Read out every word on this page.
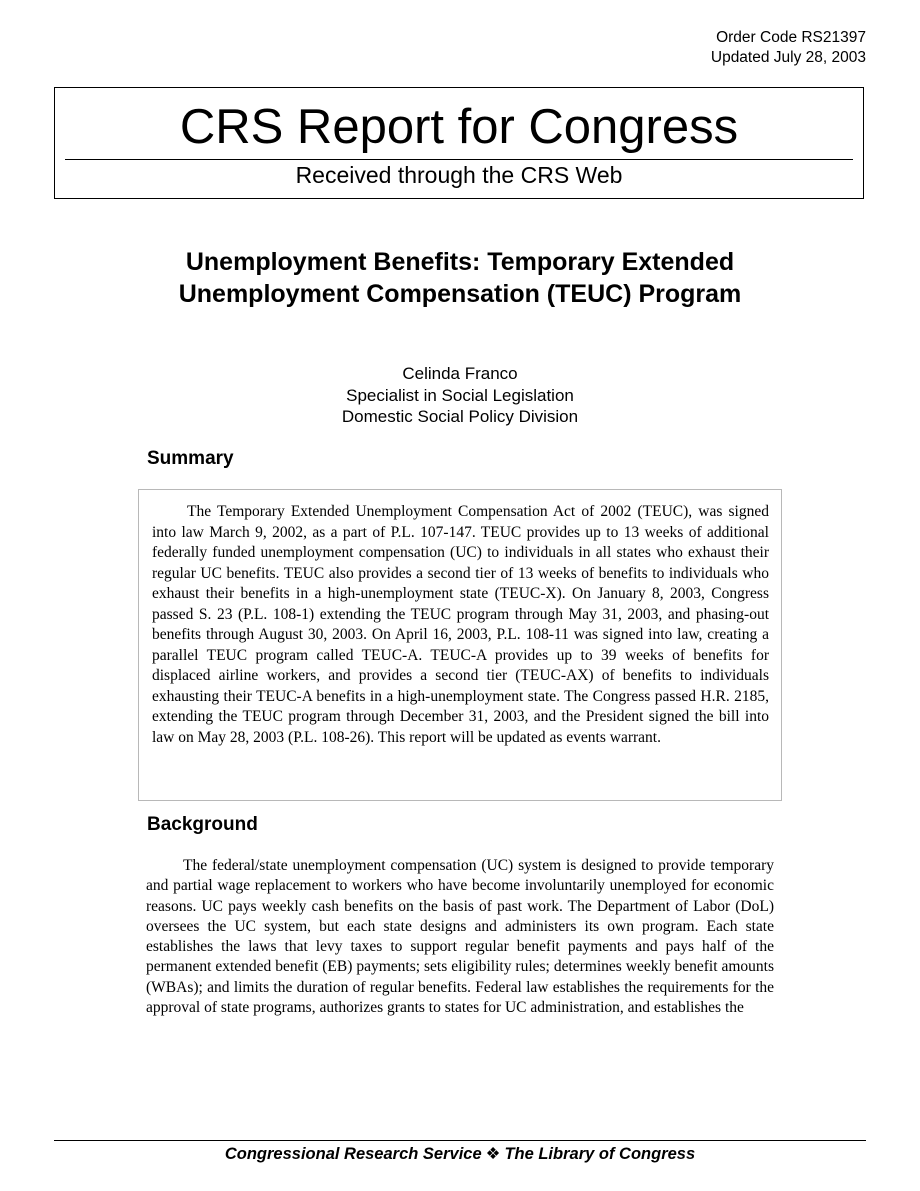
Order Code RS21397
Updated July 28, 2003
CRS Report for Congress
Received through the CRS Web
Unemployment Benefits: Temporary Extended Unemployment Compensation (TEUC) Program
Celinda Franco
Specialist in Social Legislation
Domestic Social Policy Division
Summary

The Temporary Extended Unemployment Compensation Act of 2002 (TEUC), was signed into law March 9, 2002, as a part of P.L. 107-147. TEUC provides up to 13 weeks of additional federally funded unemployment compensation (UC) to individuals in all states who exhaust their regular UC benefits. TEUC also provides a second tier of 13 weeks of benefits to individuals who exhaust their benefits in a high-unemployment state (TEUC-X). On January 8, 2003, Congress passed S. 23 (P.L. 108-1) extending the TEUC program through May 31, 2003, and phasing-out benefits through August 30, 2003. On April 16, 2003, P.L. 108-11 was signed into law, creating a parallel TEUC program called TEUC-A. TEUC-A provides up to 39 weeks of benefits for displaced airline workers, and provides a second tier (TEUC-AX) of benefits to individuals exhausting their TEUC-A benefits in a high-unemployment state. The Congress passed H.R. 2185, extending the TEUC program through December 31, 2003, and the President signed the bill into law on May 28, 2003 (P.L. 108-26). This report will be updated as events warrant.

Background

The federal/state unemployment compensation (UC) system is designed to provide temporary and partial wage replacement to workers who have become involuntarily unemployed for economic reasons. UC pays weekly cash benefits on the basis of past work. The Department of Labor (DoL) oversees the UC system, but each state designs and administers its own program. Each state establishes the laws that levy taxes to support regular benefit payments and pays half of the permanent extended benefit (EB) payments; sets eligibility rules; determines weekly benefit amounts (WBAs); and limits the duration of regular benefits. Federal law establishes the requirements for the approval of state programs, authorizes grants to states for UC administration, and establishes the

Congressional Research Service ❖ The Library of Congress
